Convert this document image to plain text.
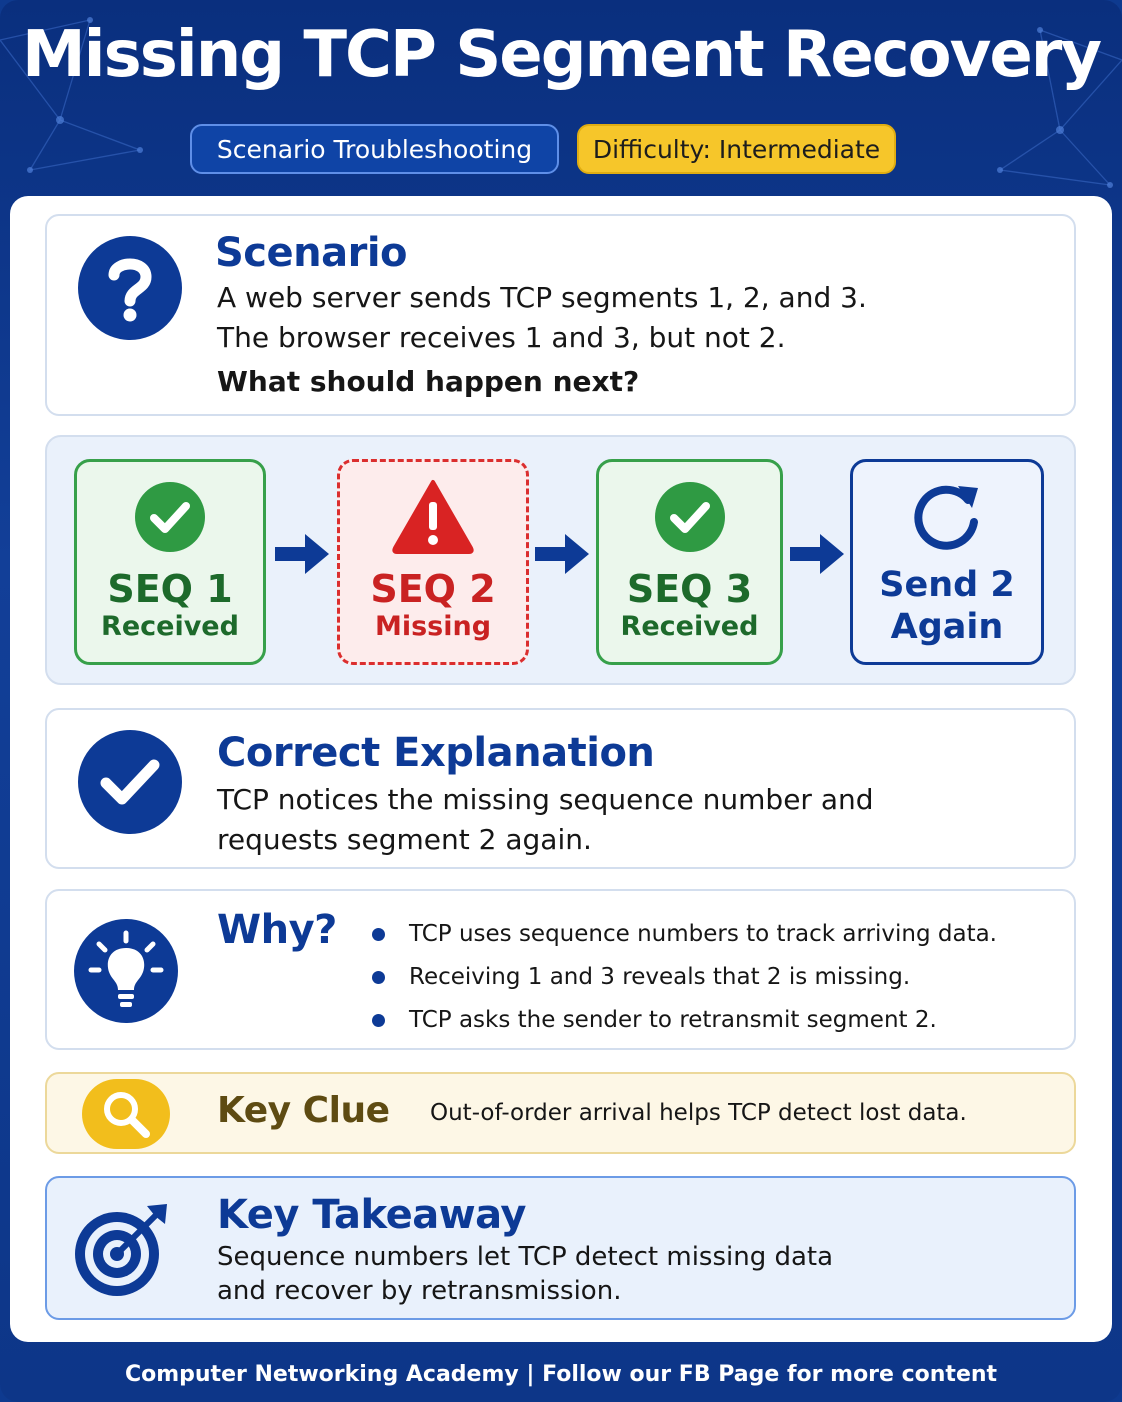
Missing TCP Segment Recovery
Scenario Troubleshooting	Difficulty: Intermediate
Scenario
A web server sends TCP segments 1, 2, and 3.
The browser receives 1 and 3, but not 2.
What should happen next?
SEQ 1
Received
SEQ 2
Missing
SEQ 3
Received
Send 2
Again
Correct Explanation
TCP notices the missing sequence number and
requests segment 2 again.
Why?	TCP uses sequence numbers to track arriving data.
Receiving 1 and 3 reveals that 2 is missing.
TCP asks the sender to retransmit segment 2.
Key Clue Out-of-order arrival helps TCP detect lost data.
Key Takeaway
Sequence numbers let TCP detect missing data
and recover by retransmission.
Computer Networking Academy | Follow our FB Page for more content
